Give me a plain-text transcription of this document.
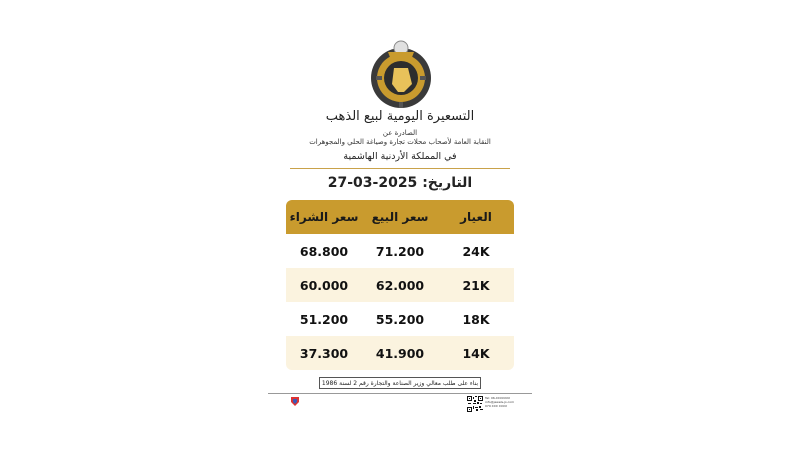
التسعيرة اليومية لبيع الذهب
الصادرة عن
النقابة العامة لأصحاب محلات تجارة وصياغة الحلي والمجوهرات
في المملكة الأردنية الهاشمية
التاريخ: 27-03-2025
العيار
سعر البيع
سعر الشراء
24K
71.200
68.800
21K
62.000
60.000
18K
55.200
51.200
14K
41.900
37.300
بناء على طلب معالي وزير الصناعة والتجارة رقم 2 لسنة 1986
Tel: 06-XXXXXXX
info@jewels-jo.com
079 XXX XXXX
